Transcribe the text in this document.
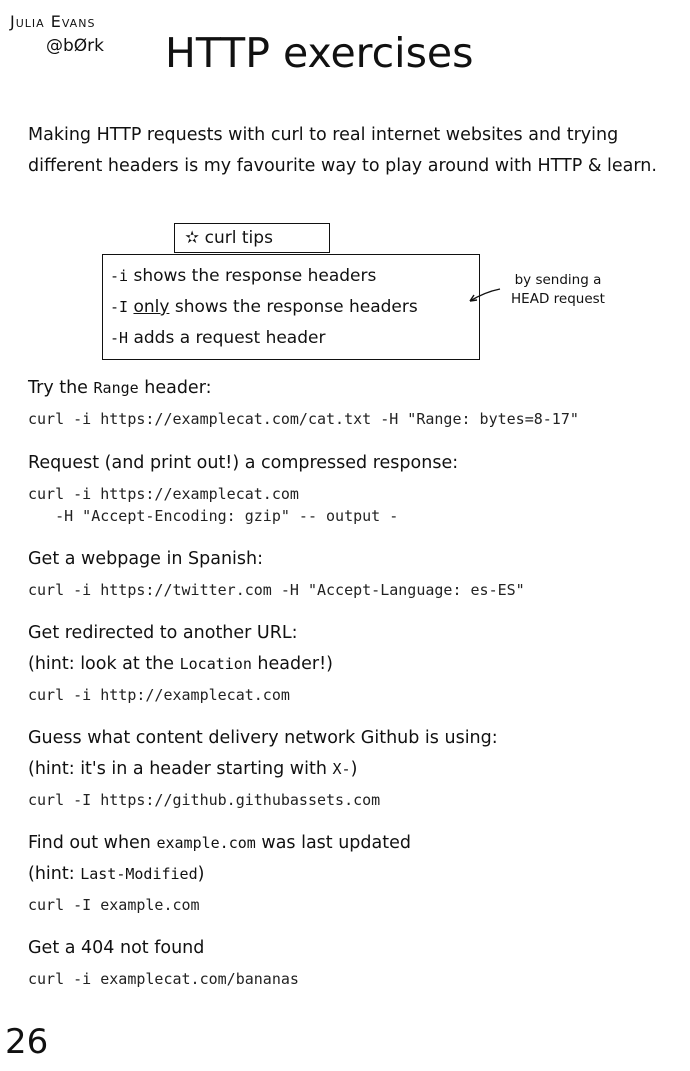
Julia Evans
@bØrk HTTP exercises

Making HTTP requests with curl to real internet websites and trying different headers is my favourite way to play around with HTTP & learn.

✫ curl tips
-i shows the response headers
-I only shows the response headers
-H adds a request header
by sending a HEAD request
Try the Range header:
curl -i https://examplecat.com/cat.txt -H "Range: bytes=8-17"
Request (and print out!) a compressed response:
curl -i https://examplecat.com
-H "Accept-Encoding: gzip" -- output -
Get a webpage in Spanish:
curl -i https://twitter.com -H "Accept-Language: es-ES"
Get redirected to another URL:
(hint: look at the Location header!)
curl -i http://examplecat.com
Guess what content delivery network Github is using:
(hint: it's in a header starting with X-)
curl -I https://github.githubassets.com
Find out when example.com was last updated
(hint: Last-Modified)
curl -I example.com
Get a 404 not found
curl -i examplecat.com/bananas
26
